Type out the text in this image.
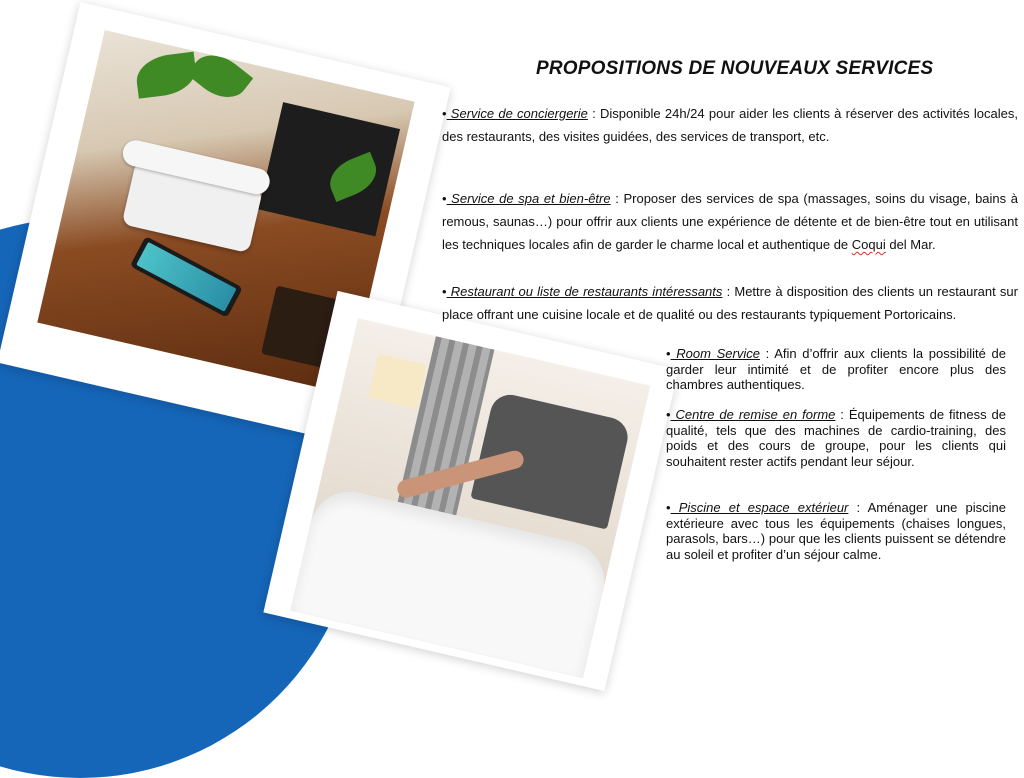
PROPOSITIONS DE NOUVEAUX SERVICES
• Service de conciergerie : Disponible 24h/24 pour aider les clients à réserver des activités locales, des restaurants, des visites guidées, des services de transport, etc.
• Service de spa et bien-être : Proposer des services de spa (massages, soins du visage, bains à remous, saunas…) pour offrir aux clients une expérience de détente et de bien-être tout en utilisant les techniques locales afin de garder le charme local et authentique de Coqui del Mar.
• Restaurant ou liste de restaurants intéressants : Mettre à disposition des clients un restaurant sur place offrant une cuisine locale et de qualité ou des restaurants typiquement Portoricains.
• Room Service : Afin d’offrir aux clients la possibilité de garder leur intimité et de profiter encore plus des chambres authentiques.
• Centre de remise en forme : Équipements de fitness de qualité, tels que des machines de cardio-training, des poids et des cours de groupe, pour les clients qui souhaitent rester actifs pendant leur séjour.
• Piscine et espace extérieur : Aménager une piscine extérieure avec tous les équipements (chaises longues, parasols, bars…) pour que les clients puissent se détendre au soleil et profiter d’un séjour calme.
